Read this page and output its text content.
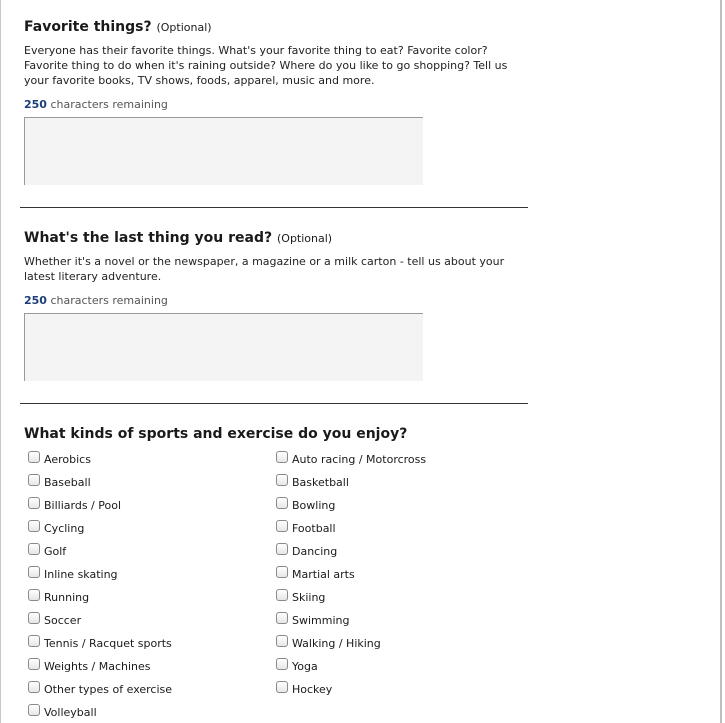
Favorite things? (Optional)

Everyone has their favorite things. What's your favorite thing to eat? Favorite color? Favorite thing to do when it's raining outside? Where do you like to go shopping? Tell us your favorite books, TV shows, foods, apparel, music and more.

250 characters remaining
What's the last thing you read? (Optional)

Whether it's a novel or the newspaper, a magazine or a milk carton - tell us about your latest literary adventure.

250 characters remaining
What kinds of sports and exercise do you enjoy?
Aerobics
Baseball
Billiards / Pool
Cycling
Golf
Inline skating
Running
Soccer
Tennis / Racquet sports
Weights / Machines
Other types of exercise
Volleyball
Auto racing / Motorcross
Basketball
Bowling
Football
Dancing
Martial arts
Skiing
Swimming
Walking / Hiking
Yoga
Hockey
